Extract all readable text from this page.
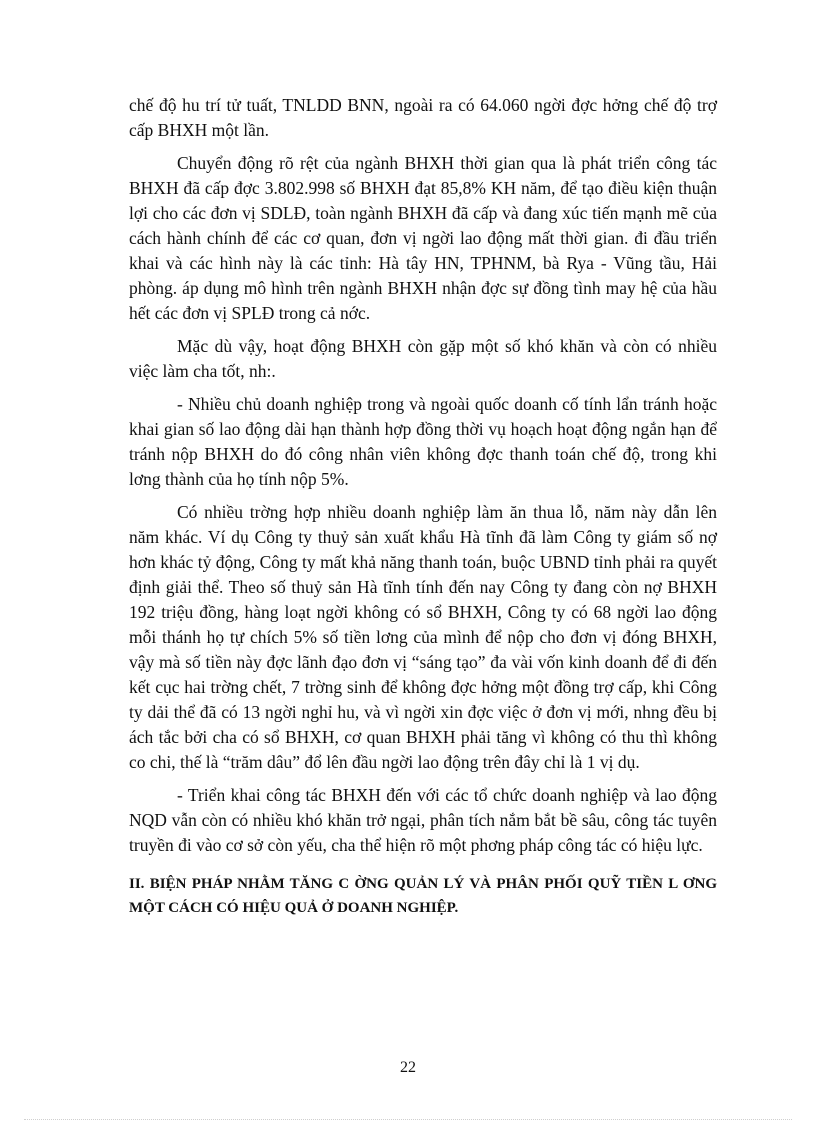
chế độ hu trí tử tuất, TNLDD BNN, ngoài ra có 64.060 ngời đợc hởng chế độ trợ cấp BHXH một lần.

Chuyển động rõ rệt của ngành BHXH thời gian qua là phát triển công tác BHXH đã cấp đợc 3.802.998 số BHXH đạt 85,8% KH năm, để tạo điều kiện thuận lợi cho các đơn vị SDLĐ, toàn ngành BHXH đã cấp và đang xúc tiến mạnh mẽ của cách hành chính để các cơ quan, đơn vị ngời lao động mất thời gian. đi đầu triển khai và các hình này là các tỉnh: Hà tây HN, TPHNM, bà Rya - Vũng tầu, Hải phòng. áp dụng mô hình trên ngành BHXH nhận đợc sự đồng tình may hệ của hầu hết các đơn vị SPLĐ trong cả nớc.

Mặc dù vậy, hoạt động BHXH còn gặp một số khó khăn và còn có nhiều việc làm cha tốt, nh:.

- Nhiều chủ doanh nghiệp trong và ngoài quốc doanh cố tính lẩn tránh hoặc khai gian số lao động dài hạn thành hợp đồng thời vụ hoạch hoạt động ngắn hạn để tránh nộp BHXH do đó công nhân viên không đợc thanh toán chế độ, trong khi lơng thành của họ tính nộp 5%.

Có nhiều trờng hợp nhiều doanh nghiệp làm ăn thua lỗ, năm này dẫn lên năm khác. Ví dụ Công ty thuỷ sản xuất khẩu Hà tĩnh đã làm Công ty giám số nợ hơn khác tỷ động, Công ty mất khả năng thanh toán, buộc UBND tỉnh phải ra quyết định giải thể. Theo số thuỷ sản Hà tĩnh tính đến nay Công ty đang còn nợ BHXH 192 triệu đồng, hàng loạt ngời không có sổ BHXH, Công ty có 68 ngời lao động mỗi thánh họ tự chích 5% số tiền lơng của mình để nộp cho đơn vị đóng BHXH, vậy mà số tiền này đợc lãnh đạo đơn vị “sáng tạo” đa vài vốn kinh doanh để đi đến kết cục hai trờng chết, 7 trờng sinh để không đợc hởng một đồng trợ cấp, khi Công ty dải thể đã có 13 ngời nghỉ hu, và vì ngời xin đợc việc ở đơn vị mới, nhng đều bị ách tắc bởi cha có sổ BHXH, cơ quan BHXH phải tăng vì không có thu thì không co chi, thế là “trăm dâu” đổ lên đầu ngời lao động trên đây chỉ là 1 vị dụ.

- Triển khai công tác BHXH đến với các tổ chức doanh nghiệp và lao động NQD vẫn còn có nhiều khó khăn trở ngại, phân tích nắm bắt bề sâu, công tác tuyên truyền đi vào cơ sở còn yếu, cha thể hiện rõ một phơng pháp công tác có hiệu lực.

II. BIỆN PHÁP NHẰM TĂNG C ỜNG QUẢN LÝ VÀ PHÂN PHỐI QUỸ TIỀN L ƠNG MỘT CÁCH CÓ HIỆU QUẢ Ở DOANH NGHIỆP.

22
